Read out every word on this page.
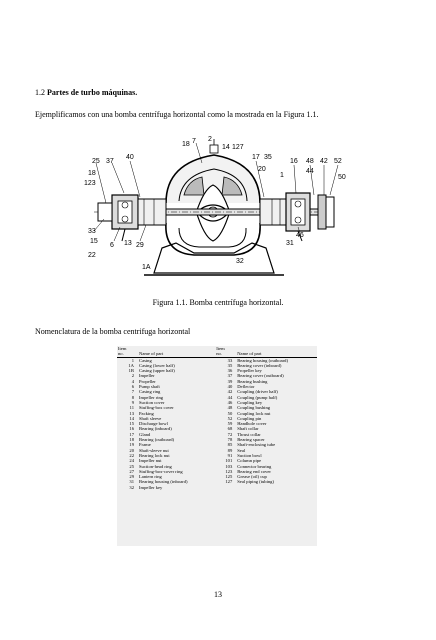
1.2 Partes de turbo máquinas.
Ejemplificamos con una bomba centrífuga horizontal como la mostrada en la Figura 1.1.
7
18
2
14 127
25 37
40	17 35
16 48 42 52
18
123
20
1
44
50
33
15
22
6 13 29
46
31
32
1A
Figura 1.1. Bomba centrífuga horizontal.
Nomenclatura de la bomba centrifuga horizontal
Item		Item	
no.	Name of part	no.	Name of part
1	Casing	33	Bearing housing (outboard)
1A	Casing (lower half)	35	Bearing cover (inboard)
1B	Casing (upper half)	36	Propeller key
2	Impeller	37	Bearing cover (outboard)
4	Propeller	39	Bearing bushing
6	Pump shaft	40	Deflector
7	Casing ring	42	Coupling (driver half)
8	Impeller ring	44	Coupling (pump half)
9	Suction cover	46	Coupling key
11	Stuffing-box cover	48	Coupling bushing
13	Packing	50	Coupling lock nut
14	Shaft sleeve	52	Coupling pin
15	Discharge bowl	59	Handhole cover
16	Bearing (inboard)	68	Shaft collar
17	Gland	72	Thrust collar
18	Bearing (outboard)	78	Bearing spacer
19	Frame	85	Shaft-enclosing tube
20	Shaft-sleeve nut	89	Seal
22	Bearing lock nut	91	Suction bowl
24	Impeller nut	101	Column pipe
25	Suction-head ring	103	Connector bearing
27	Stuffing-box-cover ring	123	Bearing end cover
29	Lantern ring	125	Grease (oil) cup
31	Bearing housing (inboard)	127	Seal piping (tubing)
32	Impeller key		
13
